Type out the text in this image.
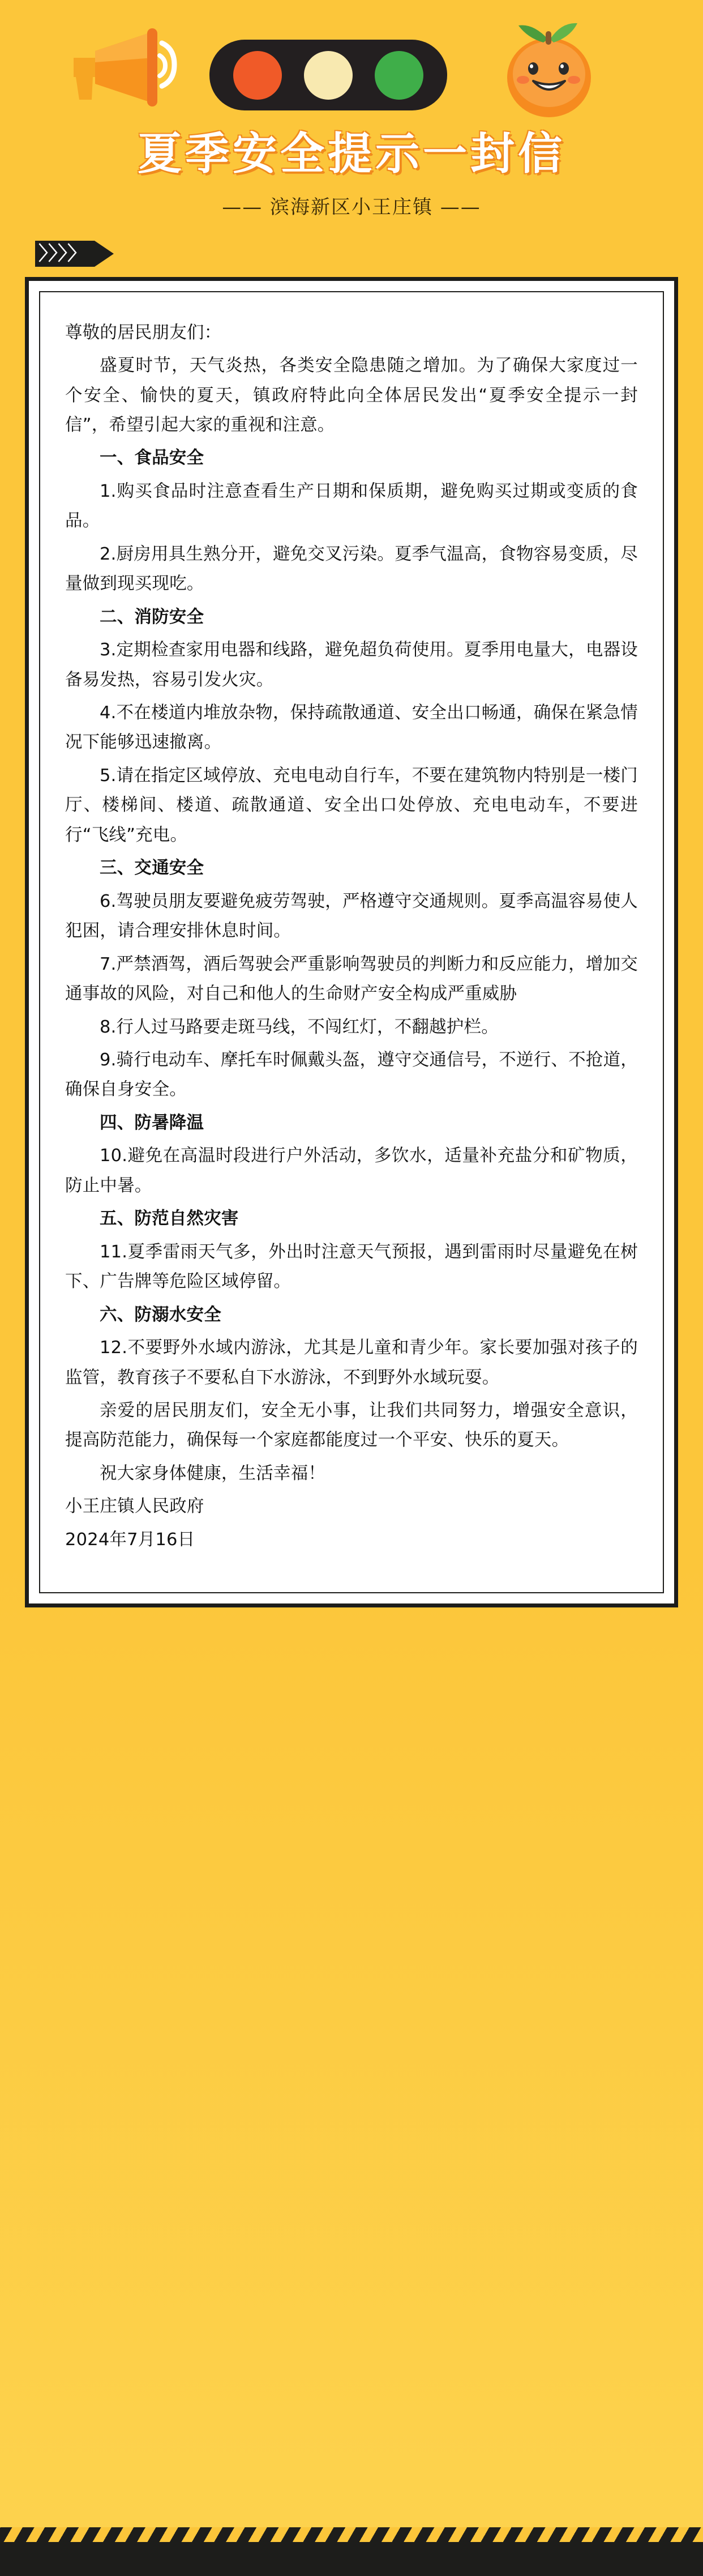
夏季安全提示一封信
—— 滨海新区小王庄镇 ——
〉〉〉〉

尊敬的居民朋友们：

盛夏时节，天气炎热，各类安全隐患随之增加。为了确保大家度过一个安全、愉快的夏天，镇政府特此向全体居民发出“夏季安全提示一封信”，希望引起大家的重视和注意。

一、食品安全

1.购买食品时注意查看生产日期和保质期，避免购买过期或变质的食品。

2.厨房用具生熟分开，避免交叉污染。夏季气温高，食物容易变质，尽量做到现买现吃。

二、消防安全

3.定期检查家用电器和线路，避免超负荷使用。夏季用电量大，电器设备易发热，容易引发火灾。

4.不在楼道内堆放杂物，保持疏散通道、安全出口畅通，确保在紧急情况下能够迅速撤离。

5.请在指定区域停放、充电电动自行车，不要在建筑物内特别是一楼门厅、楼梯间、楼道、疏散通道、安全出口处停放、充电电动车，不要进行“飞线”充电。

三、交通安全

6.驾驶员朋友要避免疲劳驾驶，严格遵守交通规则。夏季高温容易使人犯困，请合理安排休息时间。

7.严禁酒驾，酒后驾驶会严重影响驾驶员的判断力和反应能力，增加交通事故的风险，对自己和他人的生命财产安全构成严重威胁

8.行人过马路要走斑马线，不闯红灯，不翻越护栏。

9.骑行电动车、摩托车时佩戴头盔，遵守交通信号，不逆行、不抢道，确保自身安全。

四、防暑降温

10.避免在高温时段进行户外活动，多饮水，适量补充盐分和矿物质，防止中暑。

五、防范自然灾害

11.夏季雷雨天气多，外出时注意天气预报，遇到雷雨时尽量避免在树下、广告牌等危险区域停留。

六、防溺水安全

12.不要野外水域内游泳，尤其是儿童和青少年。家长要加强对孩子的监管，教育孩子不要私自下水游泳，不到野外水域玩耍。

亲爱的居民朋友们，安全无小事，让我们共同努力，增强安全意识，提高防范能力，确保每一个家庭都能度过一个平安、快乐的夏天。

祝大家身体健康，生活幸福！

小王庄镇人民政府

2024年7月16日
